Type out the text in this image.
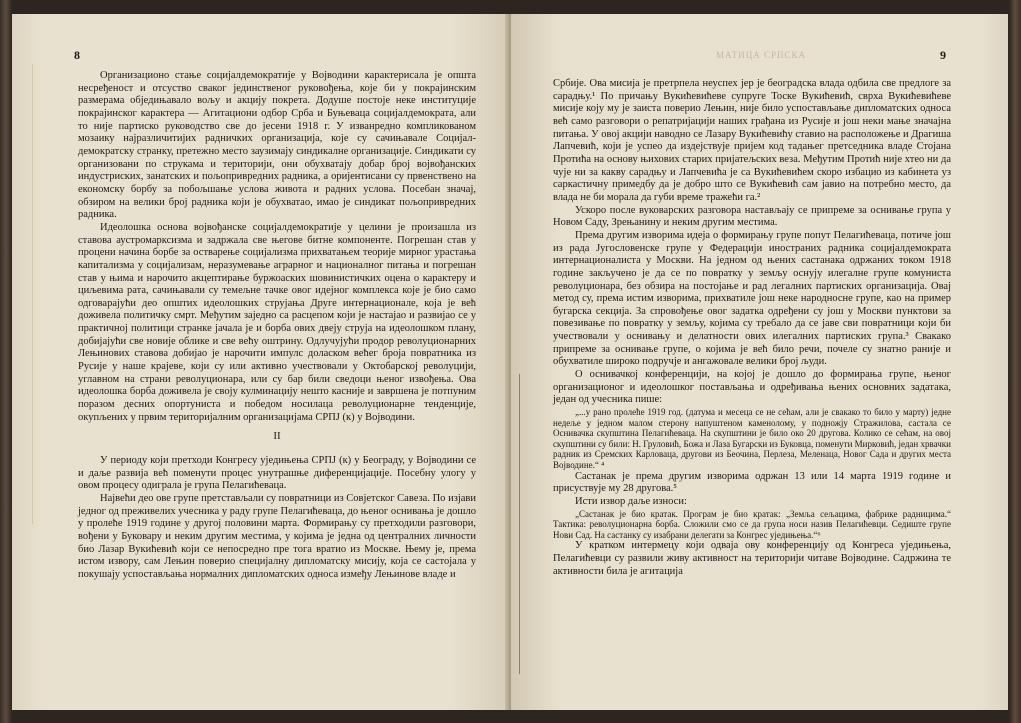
8

Организационо стање социјалдемократије у Војводини карактерисала је општа несређеност и отсуство сваког јединственог руковођења, које би у покрајинским размерама обједињавало вољу и акцију покрета. Додуше постоје неке институције покрајинског карактера — Агитациони одбор Срба и Буњеваца социјалдемократа, али то није партиско руководство све до јесени 1918 г. У изванредно компликованом мозаику најразличитијих радничких организација, које су сачињавале Социјал-демократску странку, претежно место заузимају синдикалне организације. Синдикати су организовани по струкама и територији, они обухватају добар број војвођанских индустриских, занатских и пољопривредних радника, а оријентисани су првенствено на економску борбу за побољшање услова живота и радних услова. Посебан значај, обзиром на велики број радника који је обухватао, имао је синдикат пољопривредних радника.

Идеолошка основа војвођанске социјалдемократије у целини је произашла из ставова аустромарксизма и задржала све његове битне компоненте. Погрешан став у процени начина борбе за остварење социјализма прихватањем теорије мирног урастања капитализма у социјализам, неразумевање аграрног и националног питања и погрешан став у њима и нарочито акцептирање буржоаских шовинистичких оцена о карактеру и циљевима рата, сачињавали су темељне тачке овог идејног комплекса које је био само одговарајући део општих идеолошких струјања Друге интернационале, која је већ доживела политичку смрт. Међутим заједно са расцепом који је настајао и развијао се у практичној политици странке јачала је и борба ових двеју струја на идеолошком плану, добијајући све новије облике и све већу оштрину. Одлучујући продор револуционарних Лењинових ставова добијао је нарочити импулс доласком већег броја повратника из Русије у наше крајеве, који су или активно учествовали у Октобарској револуцији, углавном на страни револуционара, или су бар били сведоци њеног извођења. Ова идеолошка борба доживела је своју кулминацију нешто касније и завршена је потпуним поразом десних опортуниста и победом носилаца револуционарне тенденције, окупљених у првим територијалним организацијама СРПЈ (к) у Војводини.

II

У периоду који претходи Конгресу уједињења СРПЈ (к) у Београду, у Војводини се и даље развија већ поменути процес унутрашње диференцијације. Посебну улогу у овом процесу одиграла је група Пелагићеваца.

Највећи део ове групе претстављали су повратници из Совјетског Савеза. По изјави једног од преживелих учесника у раду групе Пелагићеваца, до њеног оснивања је дошло у пролеће 1919 године у другој половини марта. Формирању су претходили разговори, вођени у Буковару и неким другим местима, у којима је једна од централних личности био Лазар Вукићевић који се непосредно пре тога вратио из Москве. Њему је, према истом извору, сам Лењин поверио специјалну дипломатску мисију, која се састојала у покушају успостављања нормалних дипломатских односа између Лењинове владе и

МАТИЦА СРПСКА	9

Србије. Ова мисија је претрпела неуспех јер је београдска влада одбила све предлоге за сарадњу.¹ По причању Вукићевићеве супруге Тоске Вукићевић, сврха Вукићевићеве мисије коју му је заиста поверио Лењин, није било успостављање дипломатских односа већ само разговори о репатријацији наших грађана из Русије и још неки мање значајна питања. У овој акцији наводно се Лазару Вукићевићу ставио на расположење и Драгиша Лапчевић, који је успео да издејствује пријем код тадањег претседника владе Стојана Протића на основу њихових старих пријатељских веза. Међутим Протић није хтео ни да чује ни за какву сарадњу и Лапчевића је са Вукићевићем скоро избацио из кабинета уз саркастичну примедбу да је добро што се Вукићевић сам јавио на потребно место, да влада не би морала да губи време тражећи га.²

Ускоро после вуковарских разговора настављају се припреме за оснивање група у Новом Саду, Зрењанину и неким другим местима.

Према другим изворима идеја о формирању групе попут Пелагићеваца, потиче још из рада Југословенске групе у Федерацији иностраних радника социјалдемократа интернационалиста у Москви. На једном од њених састанака одржаних током 1918 године закључено је да се по повратку у земљу оснују илегалне групе комуниста револуционара, без обзира на постојање и рад легалних партиских организација. Овај метод су, према истим изворима, прихватиле још неке народносне групе, као на пример бугарска секција. За спровођење овог задатка одређени су још у Москви пунктови за повезивање по повратку у земљу, којима су требало да се јаве сви повратници који би учествовали у оснивању и делатности ових илегалних партиских група.³ Свакако припреме за оснивање групе, о којима је већ било речи, почеле су знатно раније и обухватиле широко подручје и ангажовале велики број људи.

О оснивачкој конференцији, на којој је дошло до формирања групе, њеног организационог и идеолошког постављања и одређивања њених основних задатака, један од учесника пише:

„...у рано пролеће 1919 год. (датума и месеца се не сећам, али је свакако то било у марту) једне недеље у једном малом стерону напуштеном каменолому, у подножју Стражилова, састала се Оснивачка скупштина Пелагићеваца. На скупштини је било око 20 другова. Колико се сећам, на овој скупштини су били: Н. Груловић, Божа и Лаза Бугарски из Буковца, поменути Мирковић, један хрвачки радник из Сремских Карловаца, другови из Беочина, Перлеза, Меленаца, Новог Сада и других места Војводине.“ ⁴

Састанак је према другим изворима одржан 13 или 14 марта 1919 године и присуствује му 28 другова.⁵

Исти извор даље износи:

„Састанак је био кратак. Програм је био кратак: „Земља сељацима, фабрике радницима.“ Тактика: револуционарна борба. Сложили смо се да група носи назив Пелагићевци. Седиште групе Нови Сад. На састанку су изабрани делегати за Конгрес уједињења.“⁶

У кратком интермецу који одваја ову конференцију од Конгреса уједињења, Пелагићевци су развили живу активност на територији читаве Војводине. Садржина те активности била је агитација
